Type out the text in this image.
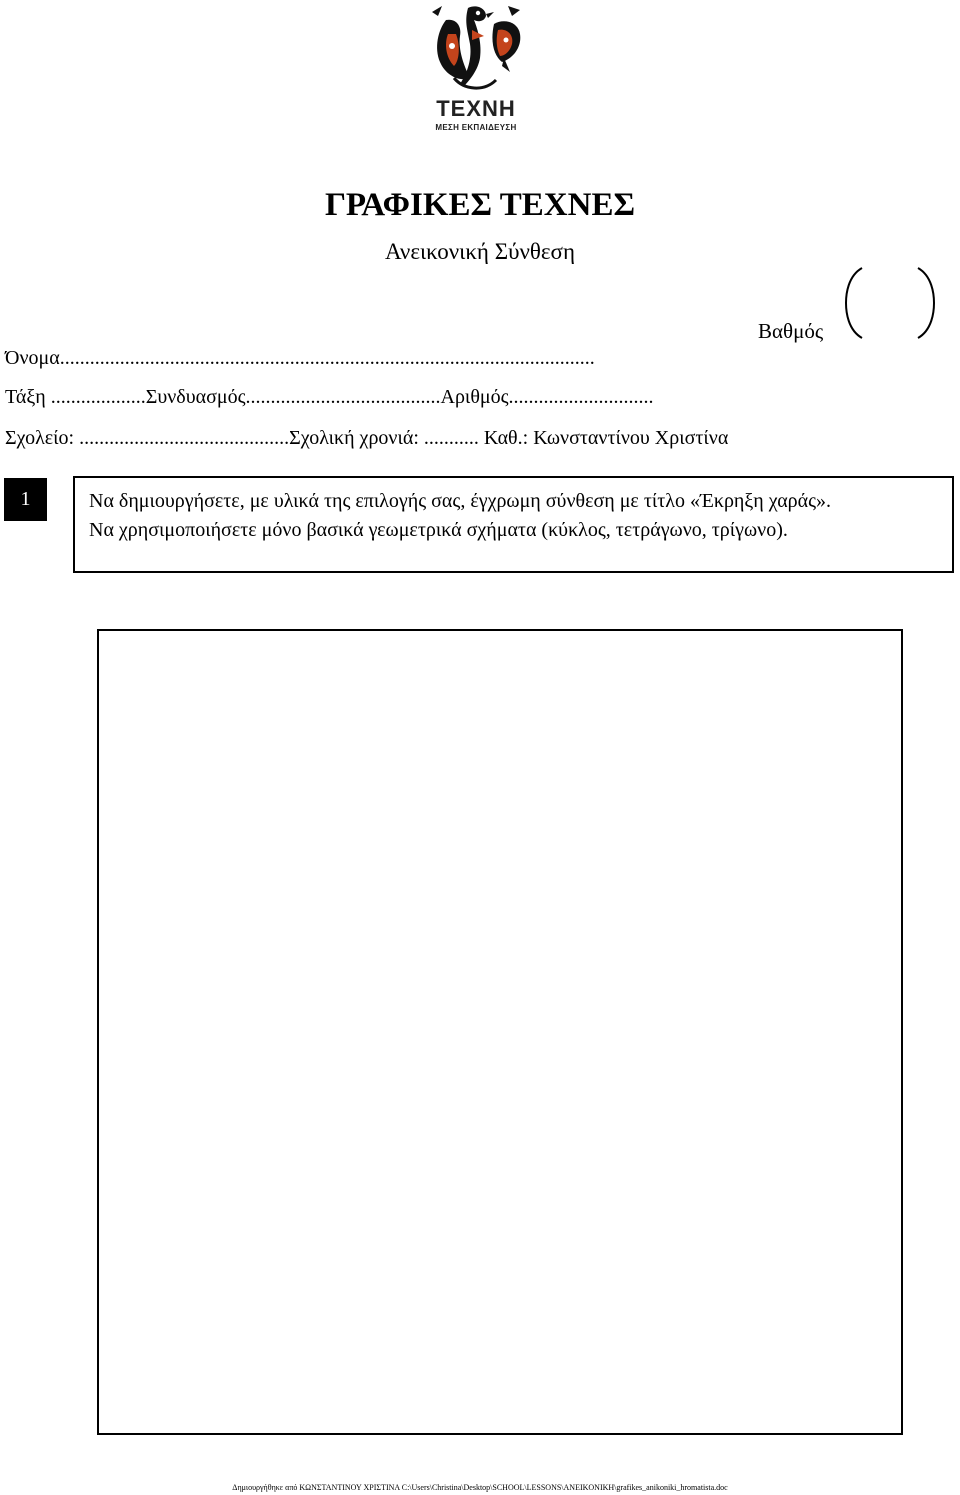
ΤΕΧΝΗ
ΜΕΣΗ ΕΚΠΑΙΔΕΥΣΗ
ΓΡΑΦΙΚΕΣ ΤΕΧΝΕΣ
Ανεικονική Σύνθεση
Βαθμός
Όνομα...........................................................................................................
Τάξη ...................Συνδυασμός.......................................Αριθμός.............................
Σχολείο: ..........................................Σχολική χρονιά: ........... Καθ.: Κωνσταντίνου Χριστίνα
1	Να δημιουργήσετε, με υλικά της επιλογής σας, έγχρωμη σύνθεση με τίτλο «Έκρηξη χαράς».
Να χρησιμοποιήσετε μόνο βασικά γεωμετρικά σχήματα (κύκλος, τετράγωνο, τρίγωνο).
Δημιουργήθηκε από ΚΩΝΣΤΑΝΤΙΝΟΥ ΧΡΙΣΤΙΝΑ C:\Users\Christina\Desktop\SCHOOL\LESSONS\ANEIKONIKH\grafikes_anikoniki_hromatista.doc
